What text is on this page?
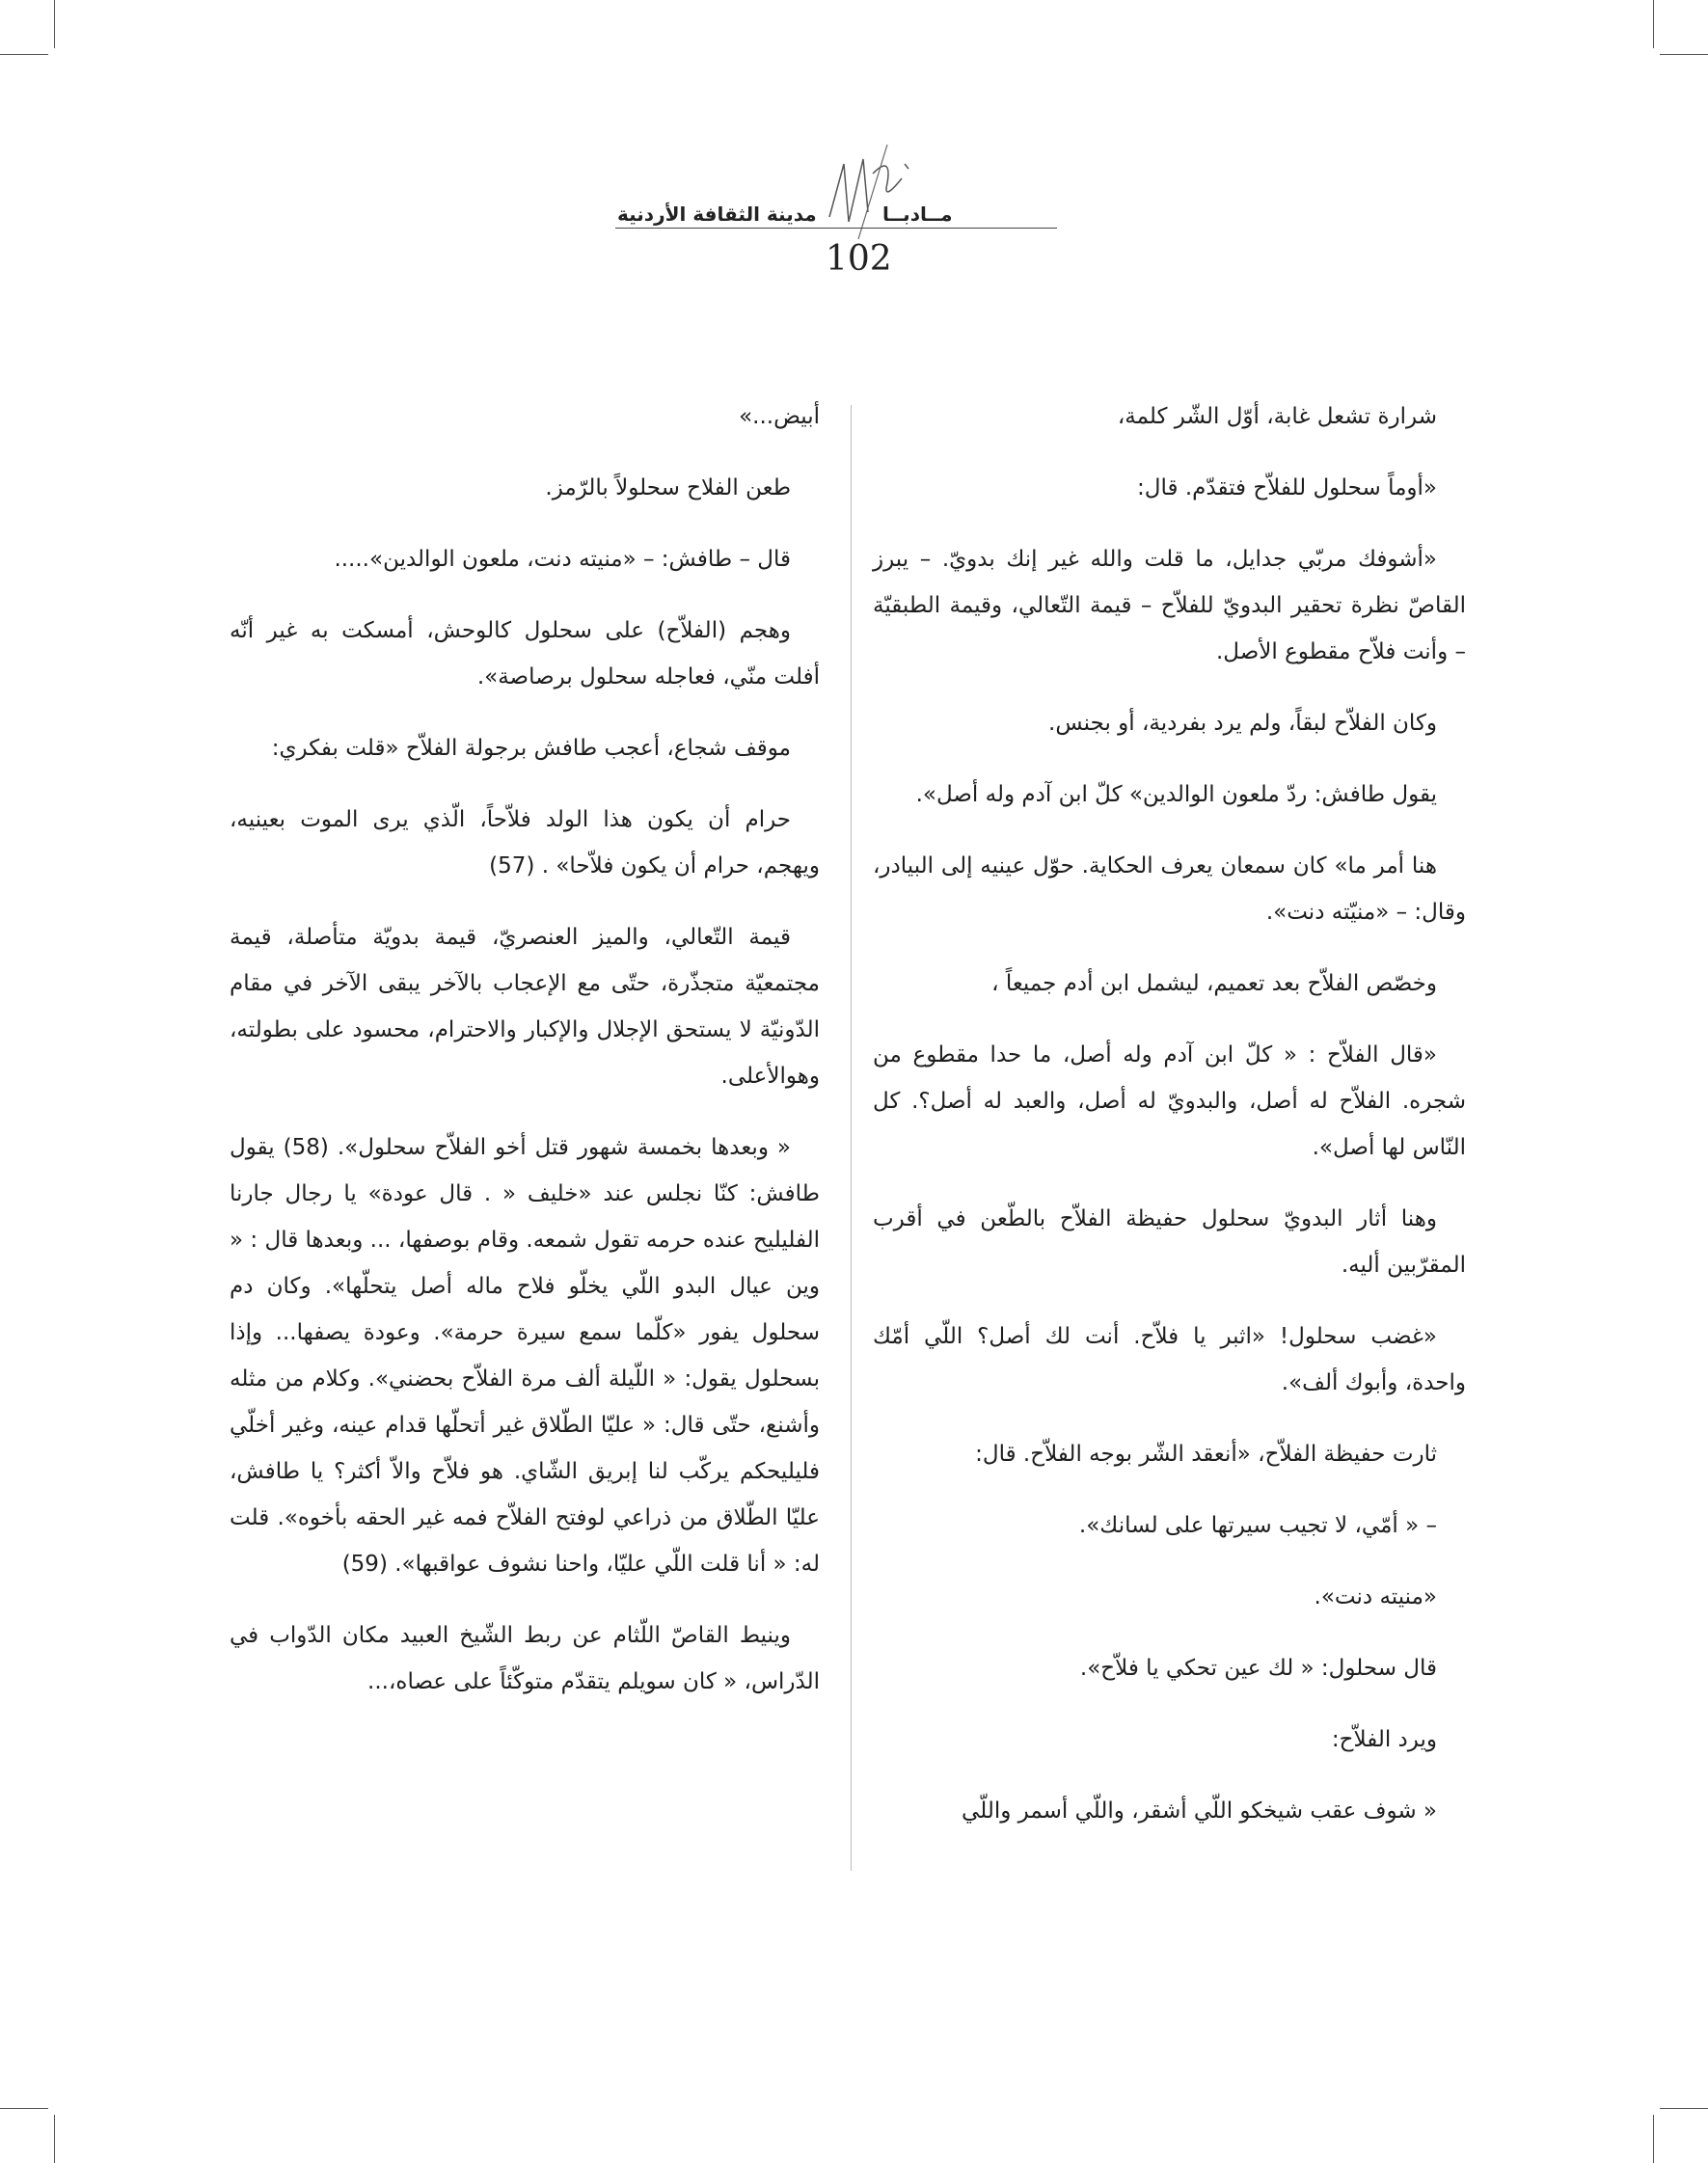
مدينة الثقافة الأردنية	مــادبــا
102

شرارة تشعل غابة، أوّل الشّر كلمة،

«أوماً سحلول للفلاّح فتقدّم. قال:

«أشوفك مربّي جدايل، ما قلت والله غير إنك بدويّ. – يبرز القاصّ نظرة تحقير البدويّ للفلاّح – قيمة التّعالي، وقيمة الطبقيّة – وأنت فلاّح مقطوع الأصل.

وكان الفلاّح لبقاً، ولم يرد بفردية، أو بجنس.

يقول طافش: ردّ ملعون الوالدين» كلّ ابن آدم وله أصل».

هنا أمر ما» كان سمعان يعرف الحكاية. حوّل عينيه إلى البيادر، وقال: – «منيّته دنت».

وخصّص الفلاّح بعد تعميم، ليشمل ابن أدم جميعاً ،

«قال الفلاّح : « كلّ ابن آدم وله أصل، ما حدا مقطوع من شجره. الفلاّح له أصل، والبدويّ له أصل، والعبد له أصل؟. كل النّاس لها أصل».

وهنا أثار البدويّ سحلول حفيظة الفلاّح بالطّعن في أقرب المقرّبين أليه.

«غضب سحلول! «اثبر يا فلاّح. أنت لك أصل؟ اللّي أمّك واحدة، وأبوك ألف».

ثارت حفيظة الفلاّح، «أنعقد الشّر بوجه الفلاّح. قال:

– « أمّي، لا تجيب سيرتها على لسانك».

«منيته دنت».

قال سحلول: « لك عين تحكي يا فلاّح».

ويرد الفلاّح:

« شوف عقب شيخكو اللّي أشقر، واللّي أسمر واللّي

أبيض...»

طعن الفلاح سحلولاً بالرّمز.

قال – طافش: – «منيته دنت، ملعون الوالدين».....

وهجم (الفلاّح) على سحلول كالوحش، أمسكت به غير أنّه أفلت منّي، فعاجله سحلول برصاصة».

موقف شجاع، أعجب طافش برجولة الفلاّح «قلت بفكري:

حرام أن يكون هذا الولد فلاّحاً، الّذي يرى الموت بعينيه، ويهجم، حرام أن يكون فلاّحا» . (57)

قيمة التّعالي، والميز العنصريّ، قيمة بدويّة متأصلة، قيمة مجتمعيّة متجذّرة، حتّى مع الإعجاب بالآخر يبقى الآخر في مقام الدّونيّة لا يستحق الإجلال والإكبار والاحترام، محسود على بطولته، وهوالأعلى.

« وبعدها بخمسة شهور قتل أخو الفلاّح سحلول». (58) يقول طافش: كنّا نجلس عند «خليف « . قال عودة» يا رجال جارنا الفليليح عنده حرمه تقول شمعه. وقام بوصفها، ... وبعدها قال : « وين عيال البدو اللّي يخلّو فلاح ماله أصل يتحلّها». وكان دم سحلول يفور «كلّما سمع سيرة حرمة». وعودة يصفها... وإذا بسحلول يقول: « اللّيلة ألف مرة الفلاّح بحضني». وكلام من مثله وأشنع، حتّى قال: « عليّا الطّلاق غير أتحلّها قدام عينه، وغير أخلّي فليليحكم يركّب لنا إبريق الشّاي. هو فلاّح والاّ أكثر؟ يا طافش، عليّا الطّلاق من ذراعي لوفتح الفلاّح فمه غير الحقه بأخوه». قلت له: « أنا قلت اللّي عليّا، واحنا نشوف عواقبها». (59)

وينيط القاصّ اللّثام عن ربط الشّيخ العبيد مكان الدّواب في الدّراس، « كان سويلم يتقدّم متوكّئاً على عصاه،...
